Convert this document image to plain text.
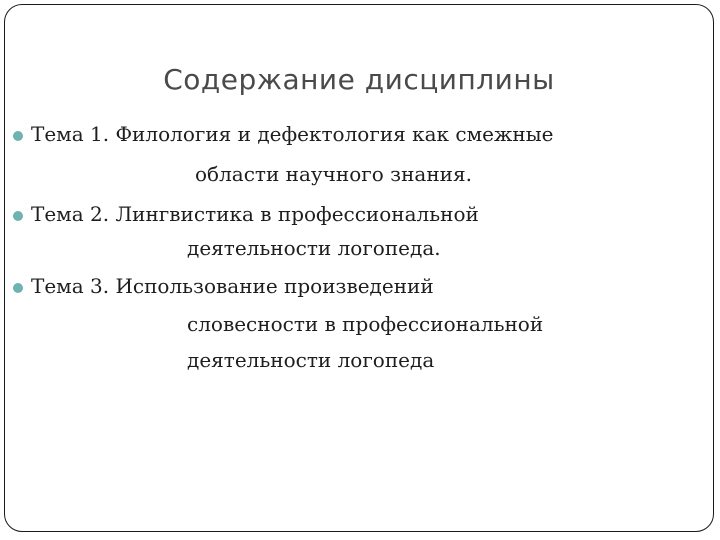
Содержание дисциплины
Тема 1. Филология и дефектология как смежные
области научного знания.
Тема 2. Лингвистика в профессиональной
деятельности логопеда.
Тема 3. Использование произведений
словесности в профессиональной
деятельности логопеда
